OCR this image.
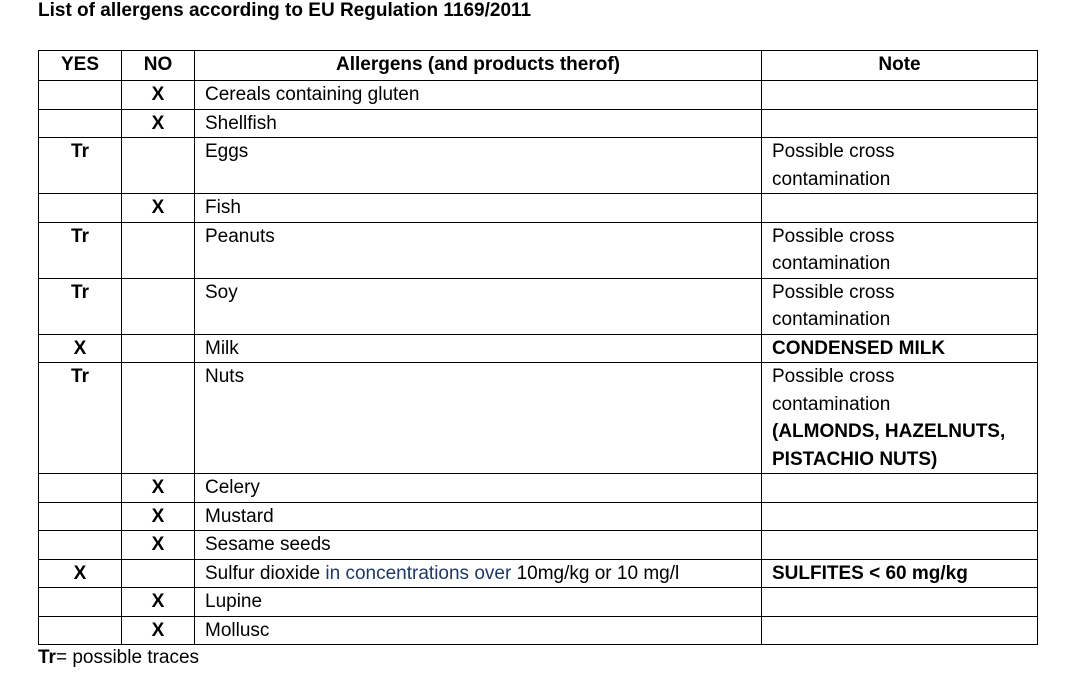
List of allergens according to EU Regulation 1169/2011
YES	NO	Allergens (and products therof)	Note
	X	Cereals containing gluten	
	X	Shellfish	
Tr		Eggs	Possible cross
contamination

	X	Fish	
Tr		Peanuts	Possible cross
contamination

Tr		Soy	Possible cross
contamination

X		Milk	CONDENSED MILK

Tr		Nuts	Possible cross
contamination
(ALMONDS, HAZELNUTS,
PISTACHIO NUTS)

	X	Celery	
	X	Mustard	
	X	Sesame seeds	
X		Sulfur dioxide in concentrations over 10mg/kg or 10 mg/l	SULFITES < 60 mg/kg

	X	Lupine	
	X	Mollusc	
Tr= possible traces
